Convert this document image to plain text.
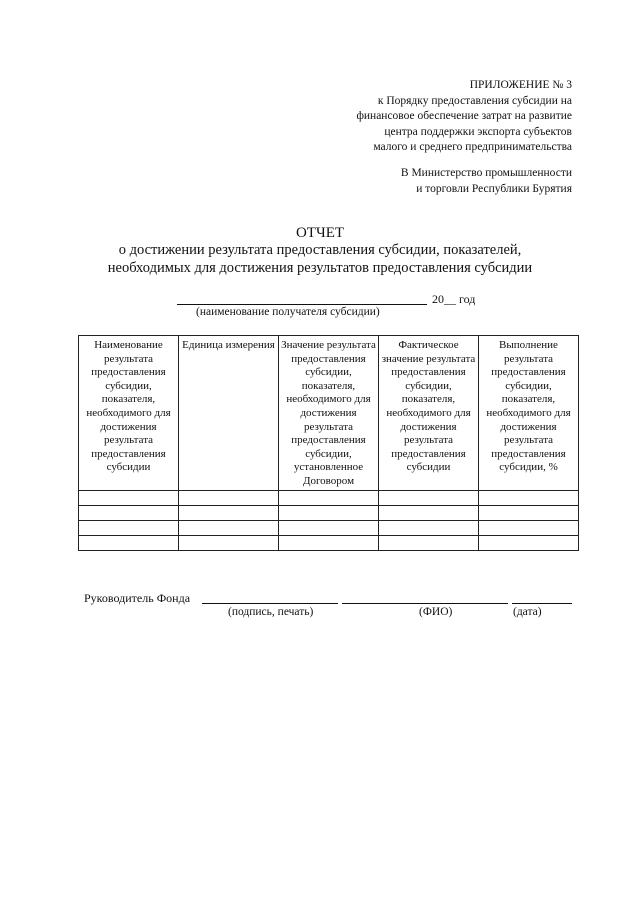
ПРИЛОЖЕНИЕ № 3
к Порядку предоставления субсидии на
финансовое обеспечение затрат на развитие
центра поддержки экспорта субъектов
малого и среднего предпринимательства
В Министерство промышленности
и торговли Республики Бурятия
ОТЧЕТ
о достижении результата предоставления субсидии, показателей,
необходимых для достижения результатов предоставления субсидии
20__ год
(наименование получателя субсидии)
Наименование результата предоставления субсидии, показателя, необходимого для достижения результата предоставления субсидии	Единица измерения	Значение результата предоставления субсидии, показателя, необходимого для достижения результата предоставления субсидии, установленное Договором	Фактическое значение результата предоставления субсидии, показателя, необходимого для достижения результата предоставления субсидии	Выполнение результата предоставления субсидии, показателя, необходимого для достижения результата предоставления субсидии, %

Руководитель Фонда
(подпись, печать)	(ФИО)	(дата)
